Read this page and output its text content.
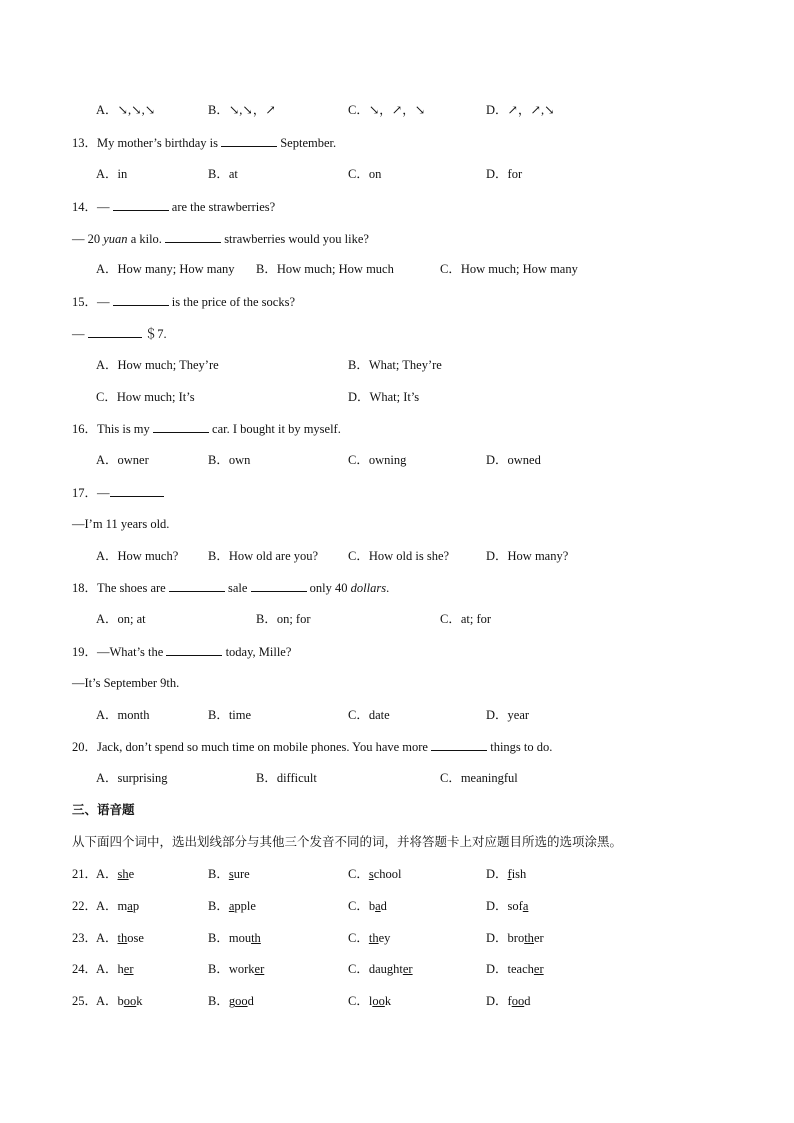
A．↘,↘,↘	B．↘,↘，↗	C．↘，↗，↘	D．↗，↗,↘
13．My mother’s birthday is	September.
A．in	B．at	C．on	D．for
14．—	are the strawberries?
— 20 yuan a kilo.	strawberries would you like?
A．How many; How many B．How much; How much	C．How much; How many
15．—	is the price of the socks?
—	＄7.
A．How much; They’re	B．What; They’re
C．How much; It’s	D．What; It’s
16．This is my	car. I bought it by myself.
A．owner	B．own	C．owning	D．owned
17．—
—I’m 11 years old.
A．How much? B．How old are you? C．How old is she?	D．How many?
18．The shoes are	sale	only 40 dollars.
A．on; at	B．on; for	C．at; for
19．—What’s the	today, Mille?
—It’s September 9th.
A．month	B．time	C．date	D．year
20．Jack, don’t spend so much time on mobile phones. You have more	things to do.
A．surprising	B．difficult	C．meaningful
三、语音题
从下面四个词中，选出划线部分与其他三个发音不同的词，并将答题卡上对应题目所选的选项涂黑。
21．
A．she	B．sure	C．school	D．fish
22．
A．map	B．apple	C．bad	D．sofa
23．
A．those	B．mouth	C．they	D．brother
24．
A．her	B．worker	C．daughter	D．teacher
25．
A．book	B．good	C．look	D．food
